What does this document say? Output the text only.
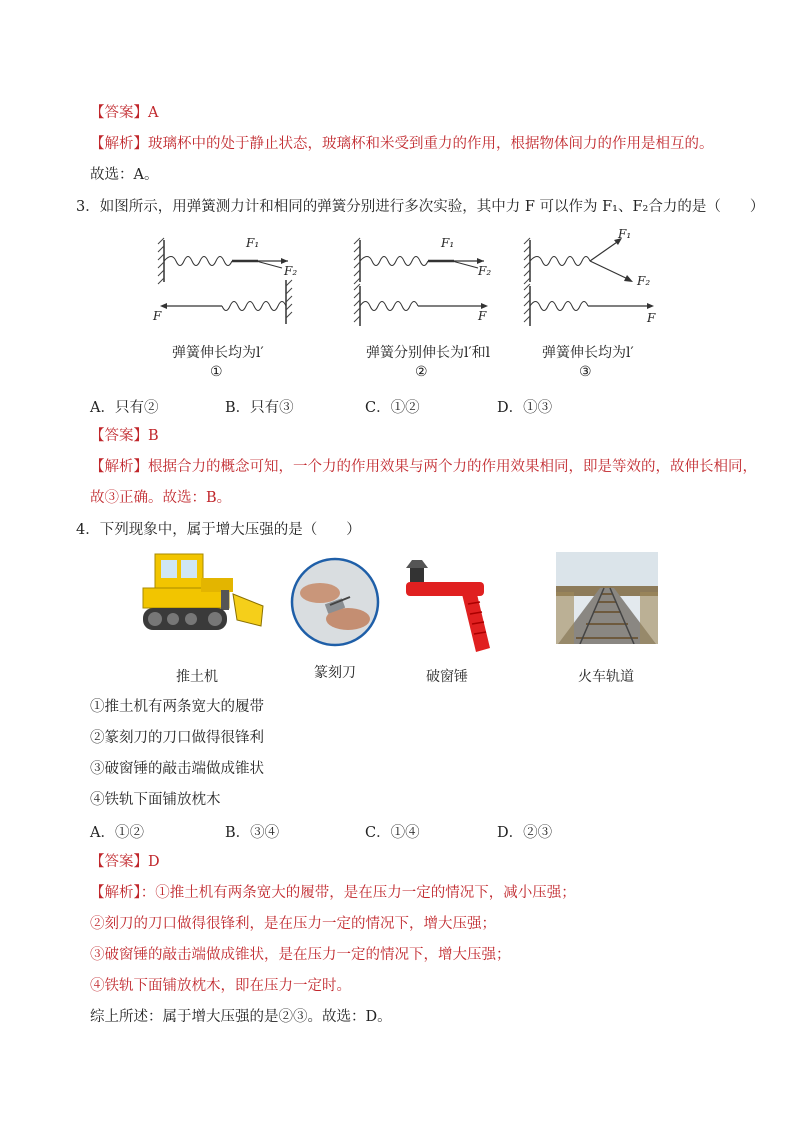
【答案】A
【解析】玻璃杯中的处于静止状态，玻璃杯和米受到重力的作用，根据物体间力的作用是相互的。
故选：A。
3．如图所示，用弹簧测力计和相同的弹簧分别进行多次实验，其中力 F 可以作为 F₁、F₂合力的是（　　）
F₁
F₂
F
弹簧伸长均为l′
①
F₁
F₂
F
弹簧分别伸长为l′和l
②
F₁
F₂
F
弹簧伸长均为l′
③
A．只有②	B．只有③	C．①②	D．①③
【答案】B
【解析】根据合力的概念可知，一个力的作用效果与两个力的作用效果相同，即是等效的，故伸长相同，
故③正确。故选：B。
4．下列现象中，属于增大压强的是（　　）
推土机	篆刻刀	破窗锤	火车轨道
①推土机有两条宽大的履带
②篆刻刀的刀口做得很锋利
③破窗锤的敲击端做成锥状
④铁轨下面铺放枕木
A．①②	B．③④	C．①④	D．②③
【答案】D
【解析】：①推土机有两条宽大的履带，是在压力一定的情况下，减小压强；
②刻刀的刀口做得很锋利，是在压力一定的情况下，增大压强；
③破窗锤的敲击端做成锥状，是在压力一定的情况下，增大压强；
④铁轨下面铺放枕木，即在压力一定时。
综上所述：属于增大压强的是②③。故选：D。
